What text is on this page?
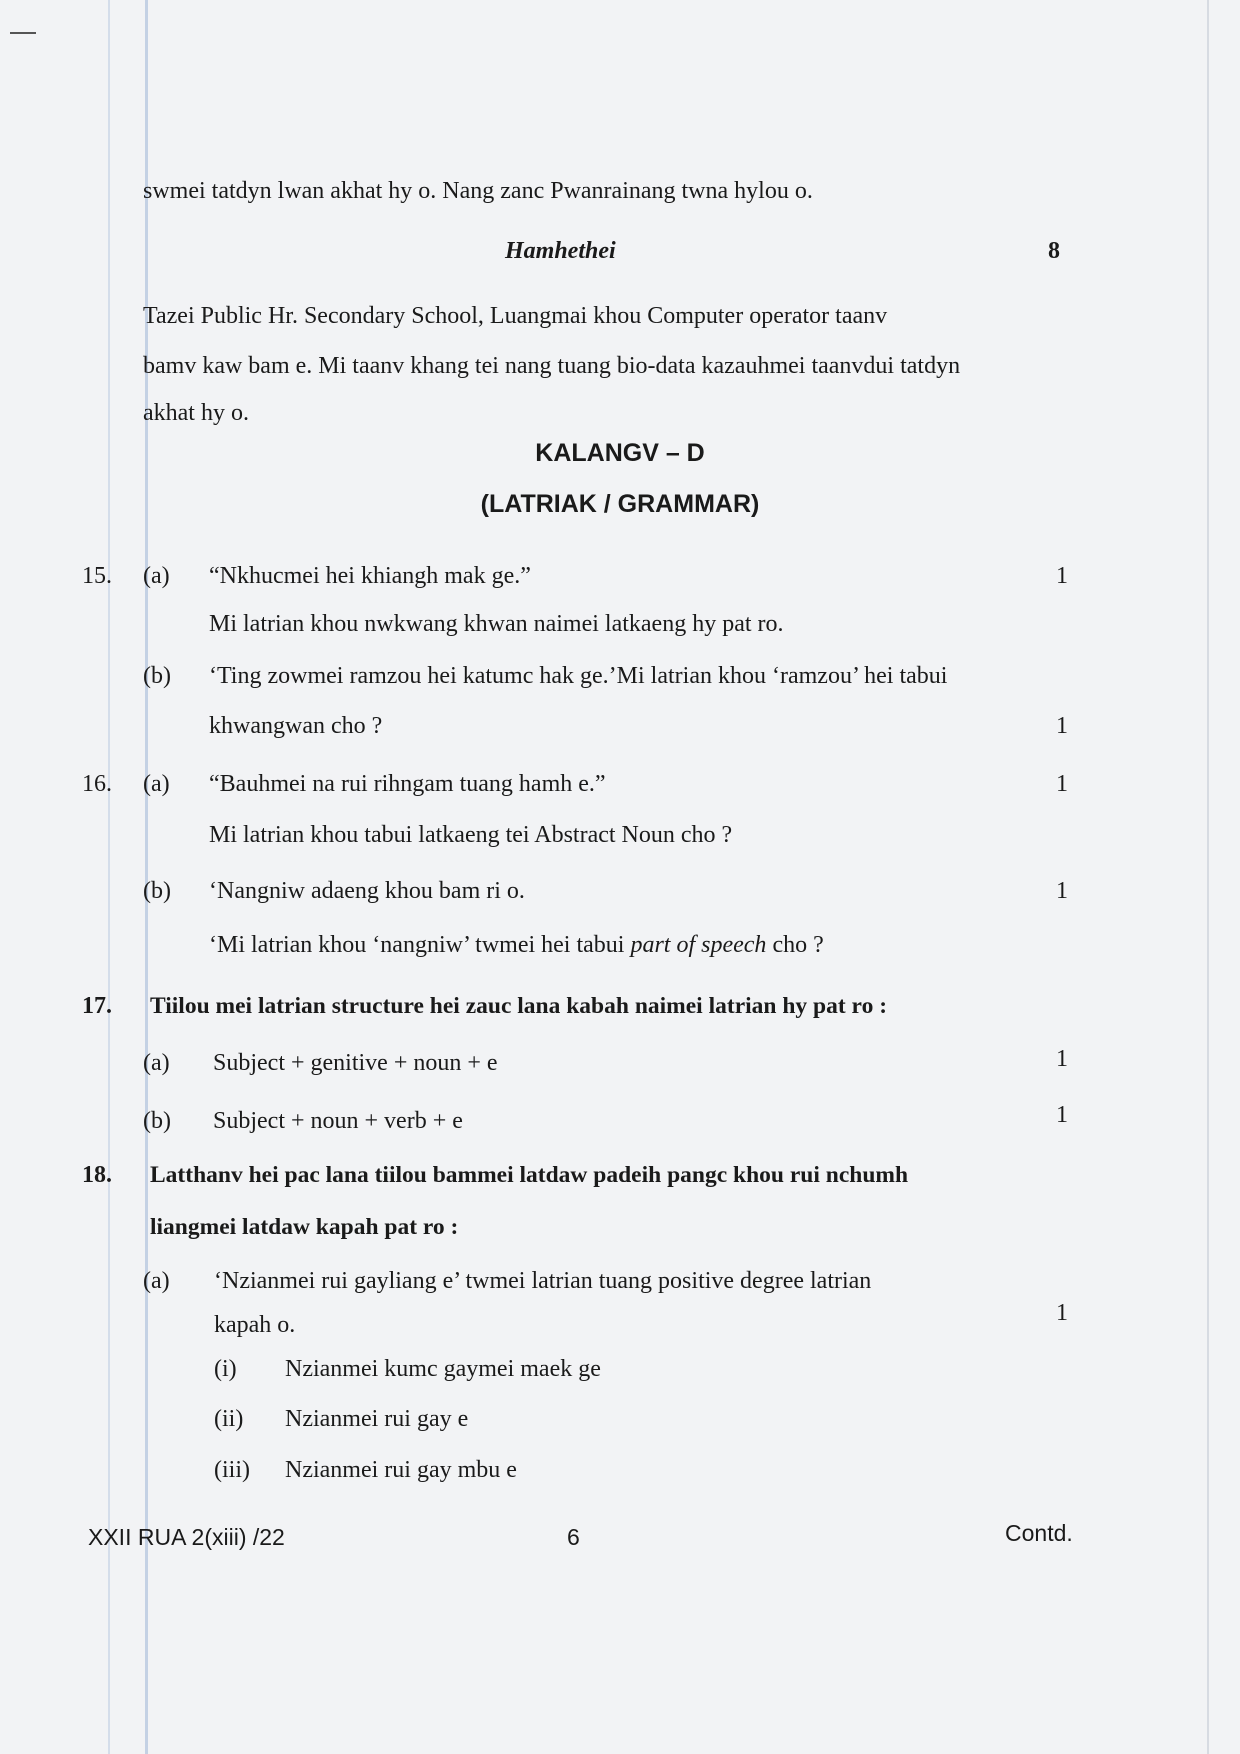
swmei tatdyn lwan akhat hy o. Nang zanc Pwanrainang twna hylou o.
Hamhethei	8
Tazei Public Hr. Secondary School, Luangmai khou Computer operator taanv
bamv kaw bam e. Mi taanv khang tei nang tuang bio-data kazauhmei taanvdui tatdyn
akhat hy o.
KALANGV – D
(LATRIAK / GRAMMAR)
15. (a) “Nkhucmei hei khiangh mak ge.”	1
Mi latrian khou nwkwang khwan naimei latkaeng hy pat ro.
(b) ‘Ting zowmei ramzou hei katumc hak ge.’Mi latrian khou ‘ramzou’ hei tabui
khwangwan cho ?	1
16. (a) “Bauhmei na rui rihngam tuang hamh e.”	1
Mi latrian khou tabui latkaeng tei Abstract Noun cho ?
(b) ‘Nangniw adaeng khou bam ri o.	1
‘Mi latrian khou ‘nangniw’ twmei hei tabui part of speech cho ?
17. Tiilou mei latrian structure hei zauc lana kabah naimei latrian hy pat ro :
(a) Subject + genitive + noun + e	1
(b) Subject + noun + verb + e	1
18. Latthanv hei pac lana tiilou bammei latdaw padeih pangc khou rui nchumh
liangmei latdaw kapah pat ro :
(a) ‘Nzianmei rui gayliang e’ twmei latrian tuang positive degree latrian
kapah o.	1
(i) Nzianmei kumc gaymei maek ge
(ii) Nzianmei rui gay e
(iii) Nzianmei rui gay mbu e
XXII RUA 2(xiii) /22	6	Contd.
